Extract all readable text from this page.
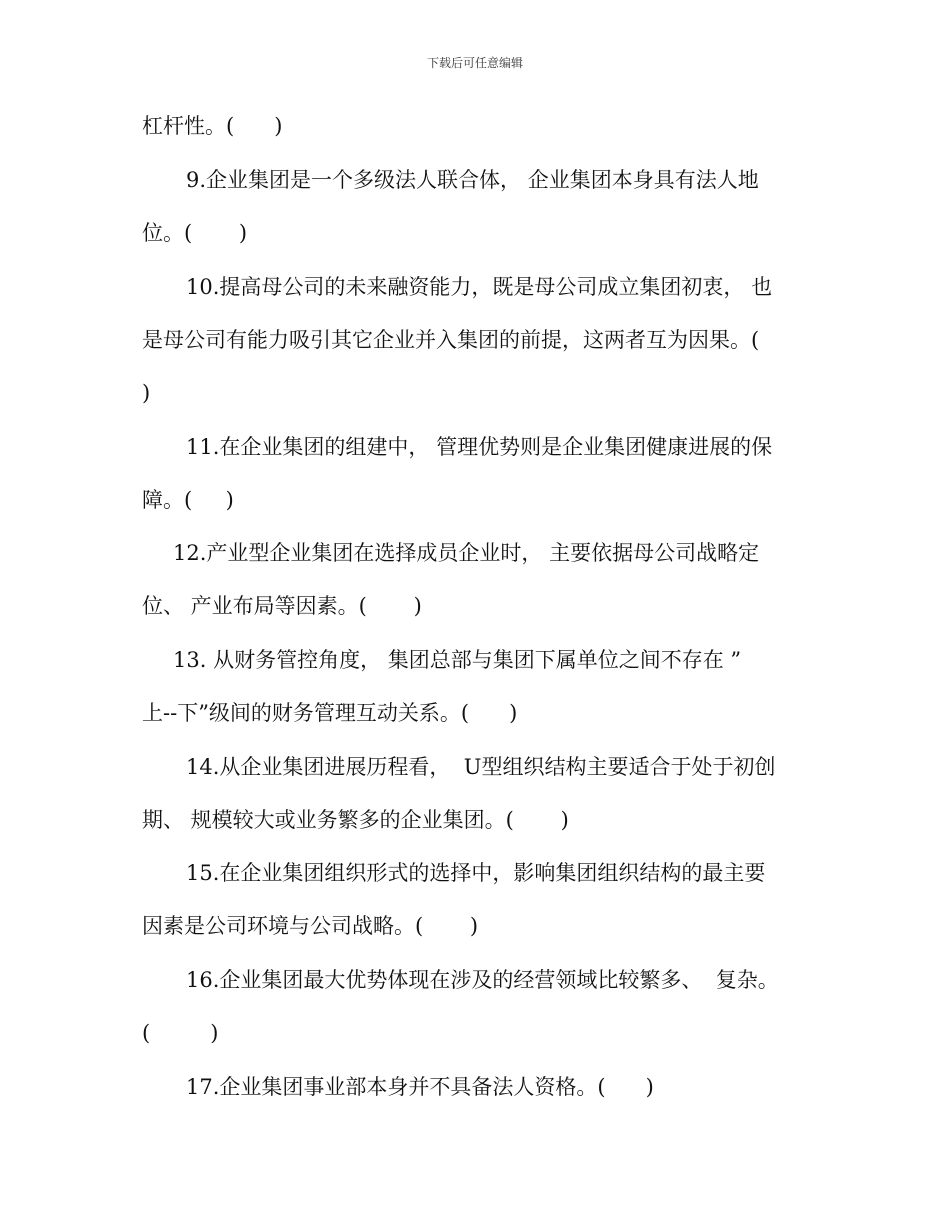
下载后可任意编辑
杠杆性。(      )
9.企业集团是一个多级法人联合体， 企业集团本身具有法人地
位。(       )
10.提高母公司的未来融资能力，既是母公司成立集团初衷， 也
是母公司有能力吸引其它企业并入集团的前提，这两者互为因果。(
)
11.在企业集团的组建中， 管理优势则是企业集团健康进展的保
障。(     )
12.产业型企业集团在选择成员企业时， 主要依据母公司战略定
位、 产业布局等因素。(       )
13. 从财务管控角度， 集团总部与集团下属单位之间不存在 ”
上--下”级间的财务管理互动关系。(      )
14.从企业集团进展历程看，  U型组织结构主要适合于处于初创
期、 规模较大或业务繁多的企业集团。(       )
15.在企业集团组织形式的选择中，影响集团组织结构的最主要
因素是公司环境与公司战略。(       )
16.企业集团最大优势体现在涉及的经营领域比较繁多、  复杂。
(         )
17.企业集团事业部本身并不具备法人资格。(      )
